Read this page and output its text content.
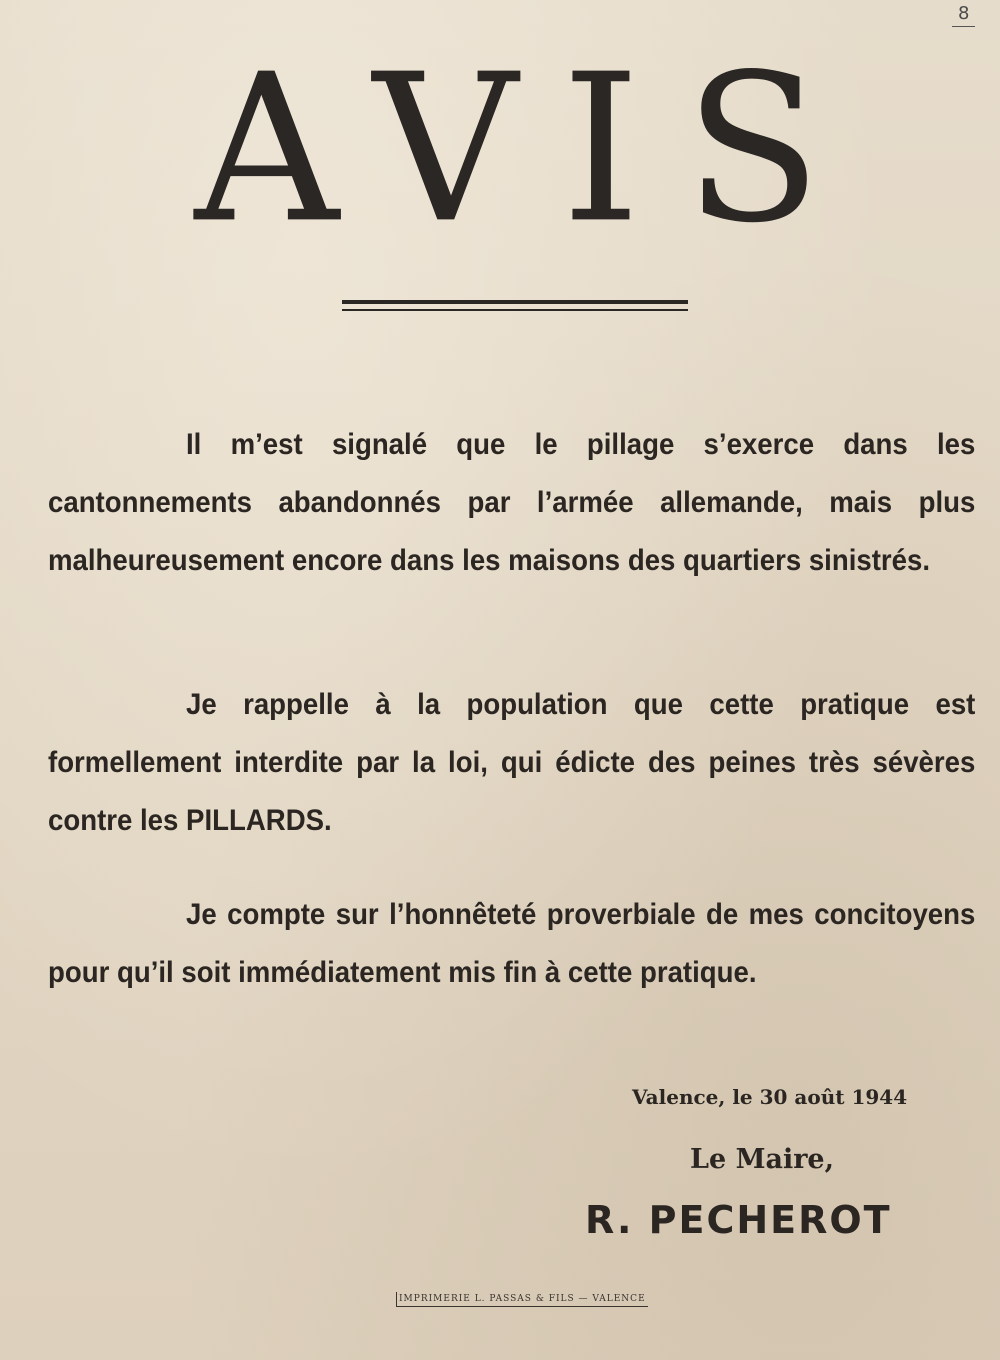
8
AVIS

Il m’est signalé que le pillage s’exerce dans les cantonnements abandonnés par l’armée allemande, mais plus malheureusement encore dans les maisons des quartiers sinistrés.

Je rappelle à la population que cette pratique est formellement interdite par la loi, qui édicte des peines très sévères contre les PILLARDS.

Je compte sur l’honnêteté proverbiale de mes concitoyens pour qu’il soit immédiatement mis fin à cette pratique.

Valence, le 30 août 1944
Le Maire,
R. PECHEROT
IMPRIMERIE L. PASSAS & FILS — VALENCE
